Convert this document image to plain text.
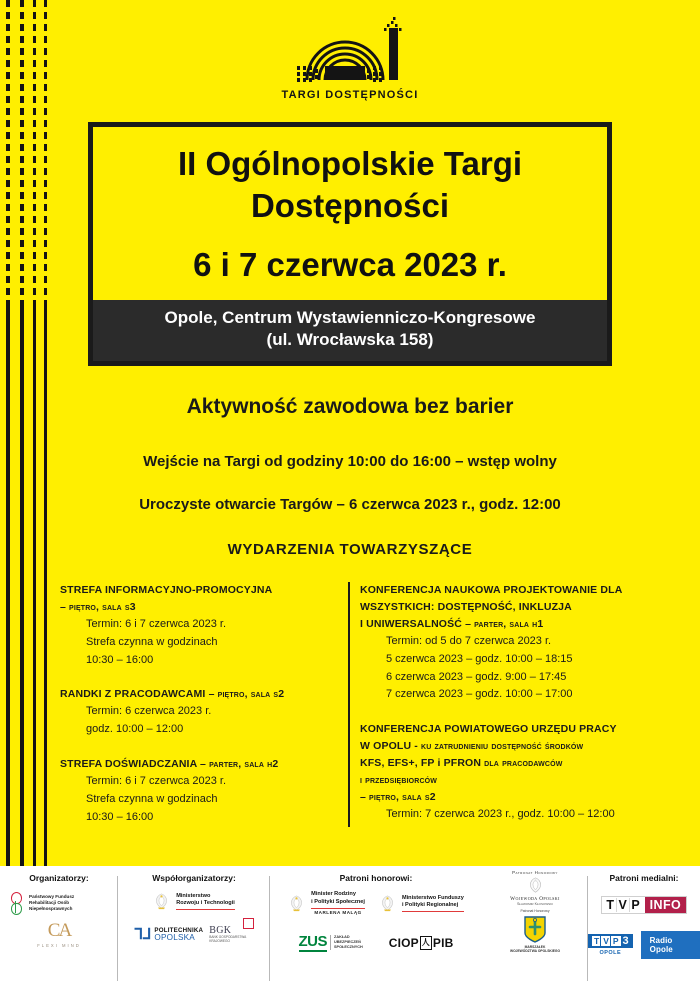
TARGI DOSTĘPNOŚCI
II Ogólnopolskie Targi
Dostępności
6 i 7 czerwca 2023 r.
Opole, Centrum Wystawienniczo-Kongresowe
(ul. Wrocławska 158)
Aktywność zawodowa bez barier
Wejście na Targi od godziny 10:00 do 16:00 – wstęp wolny
Uroczyste otwarcie Targów – 6 czerwca 2023 r., godz. 12:00
WYDARZENIA TOWARZYSZĄCE
STREFA INFORMACYJNO-PROMOCYJNA
– piętro, sala s3
Termin: 6 i 7 czerwca 2023 r.
Strefa czynna w godzinach
10:30 – 16:00
RANDKI Z PRACODAWCAMI – piętro, sala s2
Termin: 6 czerwca 2023 r.
godz. 10:00 – 12:00
STREFA DOŚWIADCZANIA – parter, sala h2
Termin: 6 i 7 czerwca 2023 r.
Strefa czynna w godzinach
10:30 – 16:00
KONFERENCJA NAUKOWA PROJEKTOWANIE DLA
WSZYSTKICH: DOSTĘPNOŚĆ, INKLUZJA
I UNIWERSALNOŚĆ – parter, sala h1
Termin: od 5 do 7 czerwca 2023 r.
5 czerwca 2023 – godz. 10:00 – 18:15
6 czerwca 2023 – godz. 9:00 – 17:45
7 czerwca 2023 – godz. 10:00 – 17:00
KONFERENCJA POWIATOWEGO URZĘDU PRACY
W OPOLU - ku zatrudnieniu dostępność środków
KFS, EFS+, FP i PFRON dla pracodawców
i przedsiębiorców
– piętro, sala s2
Termin: 7 czerwca 2023 r., godz. 10:00 – 12:00
Organizatorzy:
Państwowy Fundusz
Rehabilitacji Osób
Niepełnosprawnych
CA
FLEXI MIND
Współorganizatorzy:
Ministerstwo
Rozwoju i Technologii
⅂⅃ POLITECHNIKA
OPOLSKA
BGK
BANK GOSPODARSTWA
KRAJOWEGO
Patroni honorowi:
Minister Rodziny
i Polityki Społecznej
MARLENA MALĄG
Ministerstwo Funduszy
i Polityki Regionalnej
ZUS ZAKŁAD
UBEZPIECZEŃ
SPOŁECZNYCH CIOP 人 PIB
Patronat Honorowy
Wojewoda Opolski
Sławomir Kłosowski
Patronat Honorowy
MARSZAŁEK
WOJEWÓDZTWA OPOLSKIEGO
Patroni medialni:
T V P INFO
T V P 3
OPOLE
Radio Opole
